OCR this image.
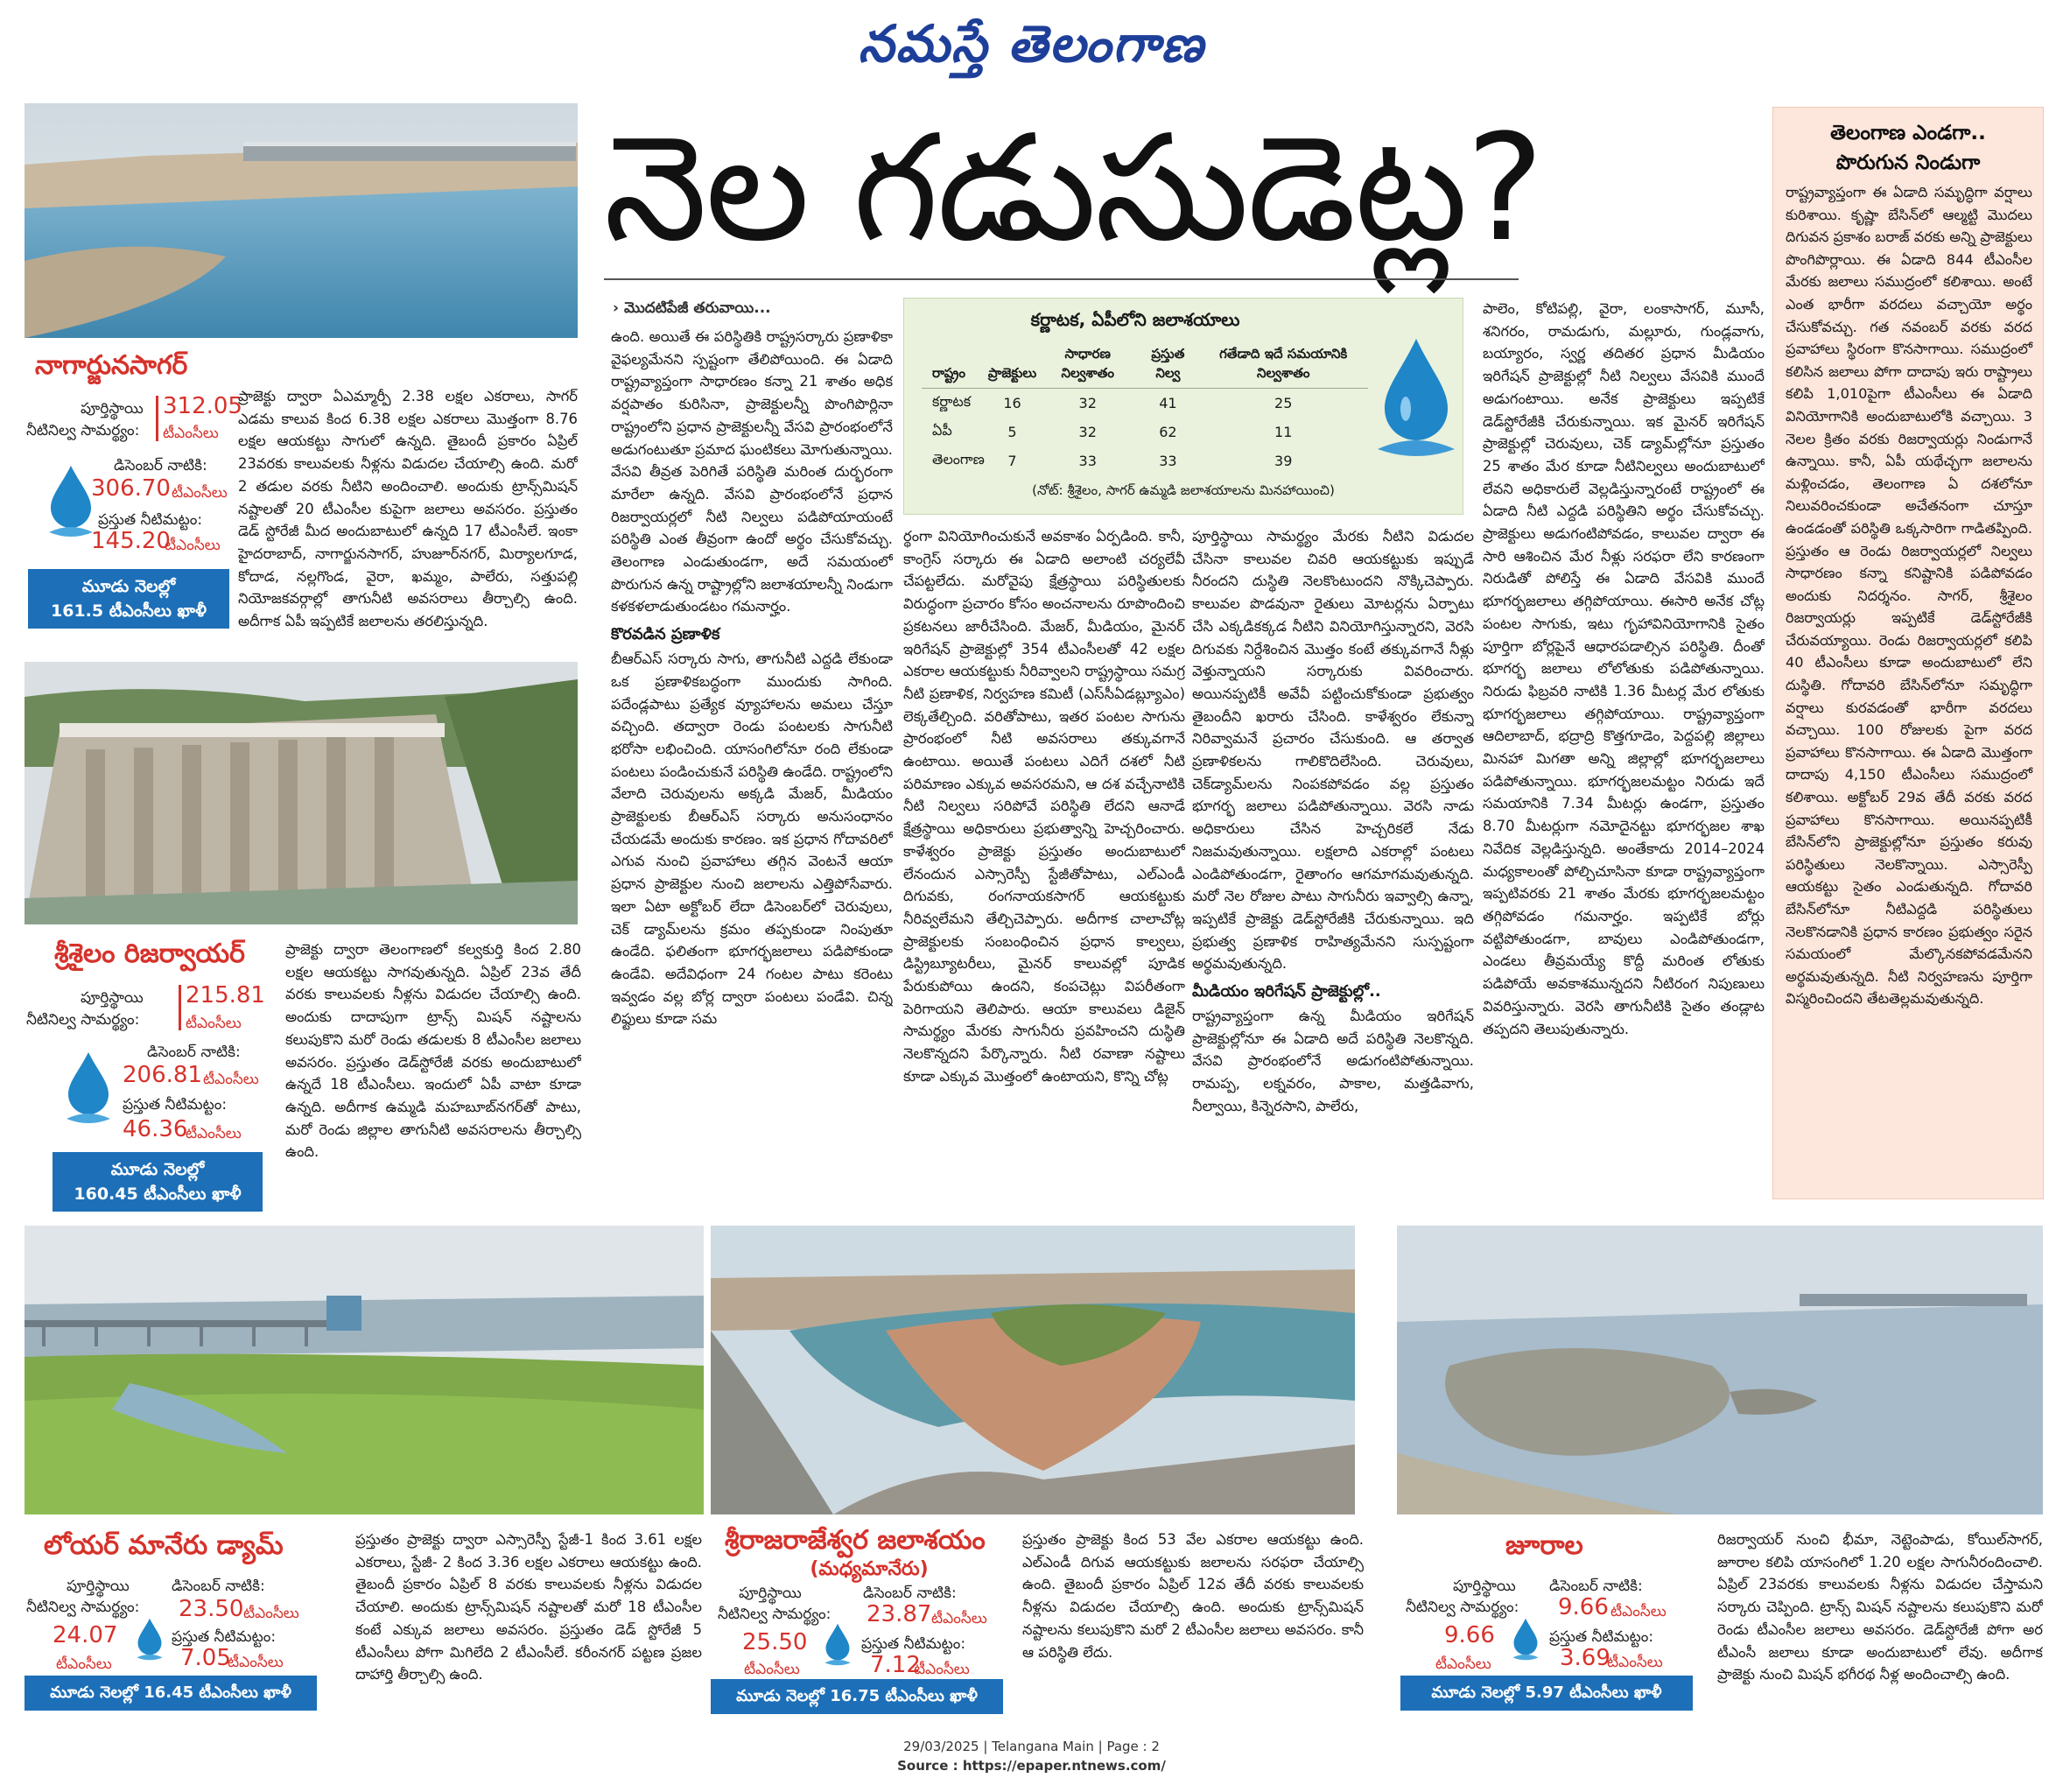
నమస్తే తెలంగాణ
నెల గడుసుడెట్ల?
నాగార్జునసాగర్
పూర్తిస్థాయి
నీటినిల్వ సామర్థ్యం:
312.05
టీఎంసీలు
డిసెంబర్ నాటికి:
306.70 టీఎంసీలు
ప్రస్తుత నీటిమట్టం:
145.20
టీఎంసీలు
మూడు నెలల్లో
161.5 టీఎంసీలు ఖాళీ
ప్రాజెక్టు ద్వారా ఏఎమ్మార్పీ 2.38 లక్షల ఎకరాలు, సాగర్ ఎడమ కాలువ కింద 6.38 లక్షల ఎకరాలు మొత్తంగా 8.76 లక్షల ఆయకట్టు సాగులో ఉన్నది. తైబందీ ప్రకారం ఏప్రిల్ 23వరకు కాలువలకు నీళ్లను విడుదల చేయాల్సి ఉంది. మరో 2 తడుల వరకు నీటిని అందించాలి. అందుకు ట్రాన్స్‌మిషన్ నష్టాలతో 20 టీఎంసీల కుపైగా జలాలు అవసరం. ప్రస్తుతం డెడ్ స్టోరేజీ మీద అందుబాటులో ఉన్నది 17 టీఎంసీలే. ఇంకా హైదరాబాద్, నాగార్జునసాగర్, హుజూర్‌నగర్, మిర్యాలగూడ, కోదాడ, నల్లగొండ, వైరా, ఖమ్మం, పాలేరు, సత్తుపల్లి నియోజకవర్గాల్లో తాగునీటి అవసరాలు తీర్చాల్సి ఉంది. అదీగాక ఏపీ ఇప్పటికే జలాలను తరలిస్తున్నది.
శ్రీశైలం రిజర్వాయర్
పూర్తిస్థాయి
నీటినిల్వ సామర్థ్యం:
215.81
టీఎంసీలు
డిసెంబర్ నాటికి:
206.81 టీఎంసీలు
ప్రస్తుత నీటిమట్టం:
46.36
టీఎంసీలు
మూడు నెలల్లో
160.45 టీఎంసీలు ఖాళీ
ప్రాజెక్టు ద్వారా తెలంగాణలో కల్వకుర్తి కింద 2.80 లక్షల ఆయకట్టు సాగవుతున్నది. ఏప్రిల్ 23వ తేదీ వరకు కాలువలకు నీళ్లను విడుదల చేయాల్సి ఉంది. అందుకు దాదాపుగా ట్రాన్స్ మిషన్ నష్టాలను కలుపుకొని మరో రెండు తడులకు 8 టీఎంసీల జలాలు అవసరం. ప్రస్తుతం డెడ్‌స్టోరేజీ వరకు అందుబాటులో ఉన్నదే 18 టీఎంసీలు. ఇందులో ఏపీ వాటా కూడా ఉన్నది. అదీగాక ఉమ్మడి మహబూబ్‌నగర్‌తో పాటు, మరో రెండు జిల్లాల తాగునీటి అవసరాలను తీర్చాల్సి ఉంది.
› మొదటిపేజీ తరువాయి...

ఉంది. అయితే ఈ పరిస్థితికి రాష్ట్రసర్కారు ప్రణాళికా వైఫల్యమేనని స్పష్టంగా తేలిపోయింది. ఈ ఏడాది రాష్ట్రవ్యాప్తంగా సాధారణం కన్నా 21 శాతం అధిక వర్షపాతం కురిసినా, ప్రాజెక్టులన్నీ పొంగిపొర్లినా రాష్ట్రంలోని ప్రధాన ప్రాజెక్టులన్నీ వేసవి ప్రారంభంలోనే అడుగంటుతూ ప్రమాద ఘంటికలు మోగుతున్నాయి. వేసవి తీవ్రత పెరిగితే పరిస్థితి మరింత దుర్భరంగా మారేలా ఉన్నది. వేసవి ప్రారంభంలోనే ప్రధాన రిజర్వాయర్లలో నీటి నిల్వలు పడిపోయాయంటే పరిస్థితి ఎంత తీవ్రంగా ఉందో అర్థం చేసుకోవచ్చు. తెలంగాణ ఎండుతుండగా, అదే సమయంలో పొరుగున ఉన్న రాష్ట్రాల్లోని జలాశయాలన్నీ నిండుగా కళకళలాడుతుండటం గమనార్హం.

కొరవడిన ప్రణాళిక

బీఆర్‌ఎస్ సర్కారు సాగు, తాగునీటి ఎద్దడి లేకుండా ఒక ప్రణాళికబద్ధంగా ముందుకు సాగింది. పదేండ్లపాటు ప్రత్యేక వ్యూహాలను అమలు చేస్తూ వచ్చింది. తద్వారా రెండు పంటలకు సాగునీటి భరోసా లభించింది. యాసంగిలోనూ రంది లేకుండా పంటలు పండించుకునే పరిస్థితి ఉండేది. రాష్ట్రంలోని వేలాది చెరువులను అక్కడి మేజర్, మీడియం ప్రాజెక్టులకు బీఆర్‌ఎస్ సర్కారు అనుసంధానం చేయడమే అందుకు కారణం. ఇక ప్రధాన గోదావరిలో ఎగువ నుంచి ప్రవాహాలు తగ్గిన వెంటనే ఆయా ప్రధాన ప్రాజెక్టుల నుంచి జలాలను ఎత్తిపోసేవారు. ఇలా ఏటా అక్టోబర్ లేదా డిసెంబర్‌లో చెరువులు, చెక్ డ్యామ్‌లను క్రమం తప్పకుండా నింపుతూ ఉండేది. ఫలితంగా భూగర్భజలాలు పడిపోకుండా ఉండేవి. అదేవిధంగా 24 గంటల పాటు కరెంటు ఇవ్వడం వల్ల బోర్ల ద్వారా పంటలు పండేవి. చిన్న లిఫ్టులు కూడా సమ

కర్ణాటక, ఏపీలోని జలాశయాలు
రాష్ట్రం	ప్రాజెక్టులు	సాధారణ నిల్వశాతం	ప్రస్తుత నిల్వ	గతేడాది ఇదే సమయానికి నిల్వశాతం
కర్ణాటక	16	32	41	25
ఏపీ	5	32	62	11
తెలంగాణ	7	33	33	39
(నోట్: శ్రీశైలం, సాగర్ ఉమ్మడి జలాశయాలను మినహాయించి)
ర్థంగా వినియోగించుకునే అవకాశం ఏర్పడింది. కానీ, కాంగ్రెస్ సర్కారు ఈ ఏడాది అలాంటి చర్యలేవీ చేపట్టలేదు. మరోవైపు క్షేత్రస్థాయి పరిస్థితులకు విరుద్ధంగా ప్రచారం కోసం అంచనాలను రూపొందించి ప్రకటనలు జారీచేసింది. మేజర్, మీడియం, మైనర్ ఇరిగేషన్ ప్రాజెక్టుల్లో 354 టీఎంసీలతో 42 లక్షల ఎకరాల ఆయకట్టుకు నీరివ్వాలని రాష్ట్రస్థాయి సమగ్ర నీటి ప్రణాళిక, నిర్వహణ కమిటీ (ఎస్‌సీఏడబ్ల్యూఎం) లెక్కతేల్చింది. వరితోపాటు, ఇతర పంటల సాగును ప్రారంభంలో నీటి అవసరాలు తక్కువగానే ఉంటాయి. అయితే పంటలు ఎదిగే దశలో నీటి పరిమాణం ఎక్కువ అవసరమని, ఆ దశ వచ్చేనాటికి నీటి నిల్వలు సరిపోవే పరిస్థితి లేదని ఆనాడే క్షేత్రస్థాయి అధికారులు ప్రభుత్వాన్ని హెచ్చరించారు. కాళేశ్వరం ప్రాజెక్టు ప్రస్తుతం అందుబాటులో లేనందున ఎస్సారెస్పీ స్టేజీతోపాటు, ఎల్ఎండీ దిగువకు, రంగనాయకసాగర్ ఆయకట్టుకు నీరివ్వలేమని తేల్చిచెప్పారు. అదీగాక చాలాచోట్ల ప్రాజెక్టులకు సంబంధించిన ప్రధాన కాల్వలు, డిస్ట్రిబ్యూటరీలు, మైనర్ కాలువల్లో పూడిక పేరుకుపోయి ఉందని, కంపచెట్లు విపరీతంగా పెరిగాయని తెలిపారు. ఆయా కాలువలు డిజైన్ సామర్థ్యం మేరకు సాగునీరు ప్రవహించని దుస్థితి నెలకొన్నదని పేర్కొన్నారు. నీటి రవాణా నష్టాలు కూడా ఎక్కువ మొత్తంలో ఉంటాయని, కొన్ని చోట్ల

పూర్తిస్థాయి సామర్థ్యం మేరకు నీటిని విడుదల చేసినా కాలువల చివరి ఆయకట్టుకు ఇప్పుడే నీరందని దుస్థితి నెలకొంటుందని నొక్కిచెప్పారు. కాలువల పొడవునా రైతులు మోటర్లను ఏర్పాటు చేసి ఎక్కడికక్కడ నీటిని వినియోగిస్తున్నారని, వెరసి దిగువకు నిర్దేశించిన మొత్తం కంటే తక్కువగానే నీళ్లు వెళ్తున్నాయని సర్కారుకు వివరించారు. అయినప్పటికీ అవేవీ పట్టించుకోకుండా ప్రభుత్వం తైబందీని ఖరారు చేసింది. కాళేశ్వరం లేకున్నా నిరివ్వామనే ప్రచారం చేసుకుంది. ఆ తర్వాత ప్రణాళికలను గాలికొదిలేసింది. చెరువులు, చెక్‌డ్యామ్‌లను నింపకపోవడం వల్ల ప్రస్తుతం భూగర్భ జలాలు పడిపోతున్నాయి. వెరసి నాడు అధికారులు చేసిన హెచ్చరికలే నేడు నిజమవుతున్నాయి. లక్షలాది ఎకరాల్లో పంటలు ఎండిపోతుండగా, రైతాంగం ఆగమాగమవుతున్నది. మరో నెల రోజుల పాటు సాగునీరు ఇవ్వాల్సి ఉన్నా, ఇప్పటికే ప్రాజెక్టు డెడ్‌స్టోరేజీకి చేరుకున్నాయి. ఇది ప్రభుత్వ ప్రణాళిక రాహిత్యమేనని సుస్పష్టంగా అర్థమవుతున్నది.

మీడియం ఇరిగేషన్ ప్రాజెక్టుల్లో..

రాష్ట్రవ్యాప్తంగా ఉన్న మీడియం ఇరిగేషన్ ప్రాజెక్టుల్లోనూ ఈ ఏడాది అదే పరిస్థితి నెలకొన్నది. వేసవి ప్రారంభంలోనే అడుగంటిపోతున్నాయి. రామప్ప, లక్నవరం, పాకాల, మత్తడివాగు, నీల్వాయి, కిన్నెరసాని, పాలేరు,

పాలెం, కోటిపల్లి, వైరా, లంకాసాగర్, మూసీ, శనిగరం, రామడుగు, మల్లూరు, గుండ్లవాగు, బయ్యారం, స్వర్ణ తదితర ప్రధాన మీడియం ఇరిగేషన్ ప్రాజెక్టుల్లో నీటి నిల్వలు వేసవికి ముందే అడుగంటాయి. అనేక ప్రాజెక్టులు ఇప్పటికే డెడ్‌స్టోరేజీకి చేరుకున్నాయి. ఇక మైనర్ ఇరిగేషన్ ప్రాజెక్టుల్లో చెరువులు, చెక్ డ్యామ్‌ల్లోనూ ప్రస్తుతం 25 శాతం మేర కూడా నీటినిల్వలు అందుబాటులో లేవని అధికారులే వెల్లడిస్తున్నారంటే రాష్ట్రంలో ఈ ఏడాది నీటి ఎద్దడి పరిస్థితిని అర్థం చేసుకోవచ్చు. ప్రాజెక్టులు అడుగంటిపోవడం, కాలువల ద్వారా ఈ సారి ఆశించిన మేర నీళ్లు సరఫరా లేని కారణంగా నిరుడితో పోలిస్తే ఈ ఏడాది వేసవికి ముందే భూగర్భజలాలు తగ్గిపోయాయి. ఈసారి అనేక చోట్ల పంటల సాగుకు, ఇటు గృహావినియోగానికి సైతం పూర్తిగా బోర్లపైనే ఆధారపడాల్సిన పరిస్థితి. దీంతో భూగర్భ జలాలు లోలోతుకు పడిపోతున్నాయి. నిరుడు ఫిబ్రవరి నాటికి 1.36 మీటర్ల మేర లోతుకు భూగర్భజలాలు తగ్గిపోయాయి. రాష్ట్రవ్యాప్తంగా ఆదిలాబాద్, భద్రాద్రి కొత్తగూడెం, పెద్దపల్లి జిల్లాలు మినహా మిగతా అన్ని జిల్లాల్లో భూగర్భజలాలు పడిపోతున్నాయి. భూగర్భజలమట్టం నిరుడు ఇదే సమయానికి 7.34 మీటర్లు ఉండగా, ప్రస్తుతం 8.70 మీటర్లుగా నమోదైనట్టు భూగర్భజల శాఖ నివేదిక వెల్లడిస్తున్నది. అంతేకాదు 2014–2024 మధ్యకాలంతో పోల్చిచూసినా కూడా రాష్ట్రవ్యాప్తంగా ఇప్పటివరకు 21 శాతం మేరకు భూగర్భజలమట్టం తగ్గిపోవడం గమనార్హం. ఇప్పటికే బోర్లు వట్టిపోతుండగా, బావులు ఎండిపోతుండగా, ఎండలు తీవ్రమయ్యే కొద్దీ మరింత లోతుకు పడిపోయే అవకాశమున్నదని నీటిరంగ నిపుణులు వివరిస్తున్నారు. వెరసి తాగునీటికి సైతం తండ్లాట తప్పదని తెలుపుతున్నారు.
తెలంగాణ ఎండగా..
పొరుగున నిండుగా
రాష్ట్రవ్యాప్తంగా ఈ ఏడాది సమృద్ధిగా వర్షాలు కురిశాయి. కృష్ణా బేసిన్‌లో ఆల్మట్టి మొదలు దిగువన ప్రకాశం బరాజ్ వరకు అన్ని ప్రాజెక్టులు పొంగిపొర్లాయి. ఈ ఏడాది 844 టీఎంసీల మేరకు జలాలు సముద్రంలో కలిశాయి. అంటే ఎంత భారీగా వరదలు వచ్చాయో అర్థం చేసుకోవచ్చు. గత నవంబర్ వరకు వరద ప్రవాహాలు స్థిరంగా కొనసాగాయి. సముద్రంలో కలిసిన జలాలు పోగా దాదాపు ఇరు రాష్ట్రాలు కలిపి 1,010పైగా టీఎంసీలు ఈ ఏడాది వినియోగానికి అందుబాటులోకి వచ్చాయి. 3 నెలల క్రితం వరకు రిజర్వాయర్లు నిండుగానే ఉన్నాయి. కానీ, ఏపీ యథేచ్ఛగా జలాలను మళ్లించడం, తెలంగాణ ఏ దశలోనూ నిలువరించకుండా అచేతనంగా చూస్తూ ఉండడంతో పరిస్థితి ఒక్కసారిగా గాడితప్పింది. ప్రస్తుతం ఆ రెండు రిజర్వాయర్లలో నిల్వలు సాధారణం కన్నా కనిష్టానికి పడిపోవడం అందుకు నిదర్శనం. సాగర్, శ్రీశైలం రిజర్వాయర్లు ఇప్పటికే డెడ్‌స్టోరేజీకి చేరువయ్యాయి. రెండు రిజర్వాయర్లలో కలిపి 40 టీఎంసీలు కూడా అందుబాటులో లేని దుస్థితి. గోదావరి బేసిన్‌లోనూ సమృద్ధిగా వర్షాలు కురవడంతో భారీగా వరదలు వచ్చాయి. 100 రోజులకు పైగా వరద ప్రవాహాలు కొనసాగాయి. ఈ ఏడాది మొత్తంగా దాదాపు 4,150 టీఎంసీలు సముద్రంలో కలిశాయి. అక్టోబర్ 29వ తేదీ వరకు వరద ప్రవాహాలు కొనసాగాయి. అయినప్పటికీ బేసిన్‌లోని ప్రాజెక్టుల్లోనూ ప్రస్తుతం కరువు పరిస్థితులు నెలకొన్నాయి. ఎస్సారెస్పీ ఆయకట్టు సైతం ఎండుతున్నది. గోదావరి బేసిన్‌లోనూ నీటిఎద్దడి పరిస్థితులు నెలకొనడానికి ప్రధాన కారణం ప్రభుత్వం సరైన సమయంలో మేల్కొనకపోవడమేనని అర్థమవుతున్నది. నీటి నిర్వహణను పూర్తిగా విస్మరించిందని తేటతెల్లమవుతున్నది.
లోయర్ మానేరు డ్యామ్
పూర్తిస్థాయి
నీటినిల్వ సామర్థ్యం:
24.07
టీఎంసీలు
డిసెంబర్ నాటికి:
23.50 టీఎంసీలు
ప్రస్తుత నీటిమట్టం:
7.05
టీఎంసీలు
మూడు నెలల్లో 16.45 టీఎంసీలు ఖాళీ
ప్రస్తుతం ప్రాజెక్టు ద్వారా ఎస్సారెస్పీ స్టేజీ-1 కింద 3.61 లక్షల ఎకరాలు, స్టేజీ- 2 కింద 3.36 లక్షల ఎకరాలు ఆయకట్టు ఉంది. తైబందీ ప్రకారం ఏప్రిల్ 8 వరకు కాలువలకు నీళ్లను విడుదల చేయాలి. అందుకు ట్రాన్స్‌మిషన్ నష్టాలతో మరో 18 టీఎంసీల కంటే ఎక్కువ జలాలు అవసరం. ప్రస్తుతం డెడ్ స్టోరేజీ 5 టీఎంసీలు పోగా మిగిలేది 2 టీఎంసీలే. కరీంనగర్ పట్టణ ప్రజల దాహార్తి తీర్చాల్సి ఉంది.
శ్రీరాజరాజేశ్వర జలాశయం
(మధ్యమానేరు)
పూర్తిస్థాయి
నీటినిల్వ సామర్థ్యం:
25.50
టీఎంసీలు
డిసెంబర్ నాటికి:
23.87 టీఎంసీలు
ప్రస్తుత నీటిమట్టం:
7.12
టీఎంసీలు
మూడు నెలల్లో 16.75 టీఎంసీలు ఖాళీ
ప్రస్తుతం ప్రాజెక్టు కింద 53 వేల ఎకరాల ఆయకట్టు ఉంది. ఎల్‌ఎండీ దిగువ ఆయకట్టుకు జలాలను సరఫరా చేయాల్సి ఉంది. తైబందీ ప్రకారం ఏప్రిల్ 12వ తేదీ వరకు కాలువలకు నీళ్లను విడుదల చేయాల్సి ఉంది. అందుకు ట్రాన్స్‌మిషన్ నష్టాలను కలుపుకొని మరో 2 టీఎంసీల జలాలు అవసరం. కానీ ఆ పరిస్థితి లేదు.
జూరాల
పూర్తిస్థాయి
నీటినిల్వ సామర్థ్యం:
9.66
టీఎంసీలు
డిసెంబర్ నాటికి:
9.66 టీఎంసీలు
ప్రస్తుత నీటిమట్టం:
3.69
టీఎంసీలు
మూడు నెలల్లో 5.97 టీఎంసీలు ఖాళీ
రిజర్వాయర్ నుంచి భీమా, నెట్టెంపాడు, కోయిల్‌సాగర్, జూరాల కలిపి యాసంగిలో 1.20 లక్షల సాగునీరందించాలి. ఏప్రిల్ 23వరకు కాలువలకు నీళ్లను విడుదల చేస్తామని సర్కారు చెప్పింది. ట్రాన్స్ మిషన్ నష్టాలను కలుపుకొని మరో రెండు టీఎంసీల జలాలు అవసరం. డెడ్‌స్టోరేజీ పోగా అర టీఎంసీ జలాలు కూడా అందుబాటులో లేవు. అదీగాక ప్రాజెక్టు నుంచి మిషన్ భగీరథ నీళ్ల అందించాల్సి ఉంది.
29/03/2025 | Telangana Main | Page : 2
Source : https://epaper.ntnews.com/
